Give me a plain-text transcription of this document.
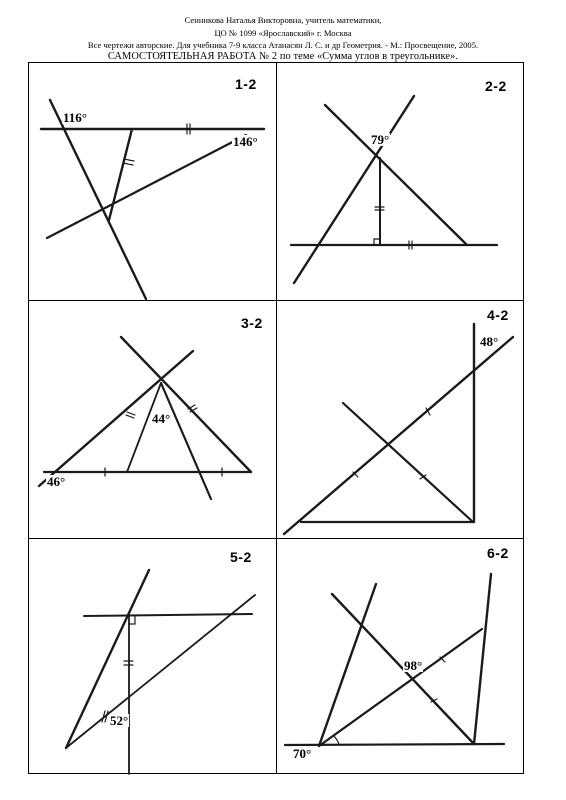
Сенникова Наталья Викторовна, учитель математики,
ЦО № 1099 «Ярославский» г. Москва
Все чертежи авторские. Для учебника 7-9 класса Атанасян Л. С. и др Геометрия. - М.: Просвещение, 2005.
САМОСТОЯТЕЛЬНАЯ РАБОТА № 2 по теме «Сумма углов в треугольнике».
1-2
116°
146°
2-2
79°
3-2
44°
46°
4-2
48°
5-2
52°
6-2
98°
70°
